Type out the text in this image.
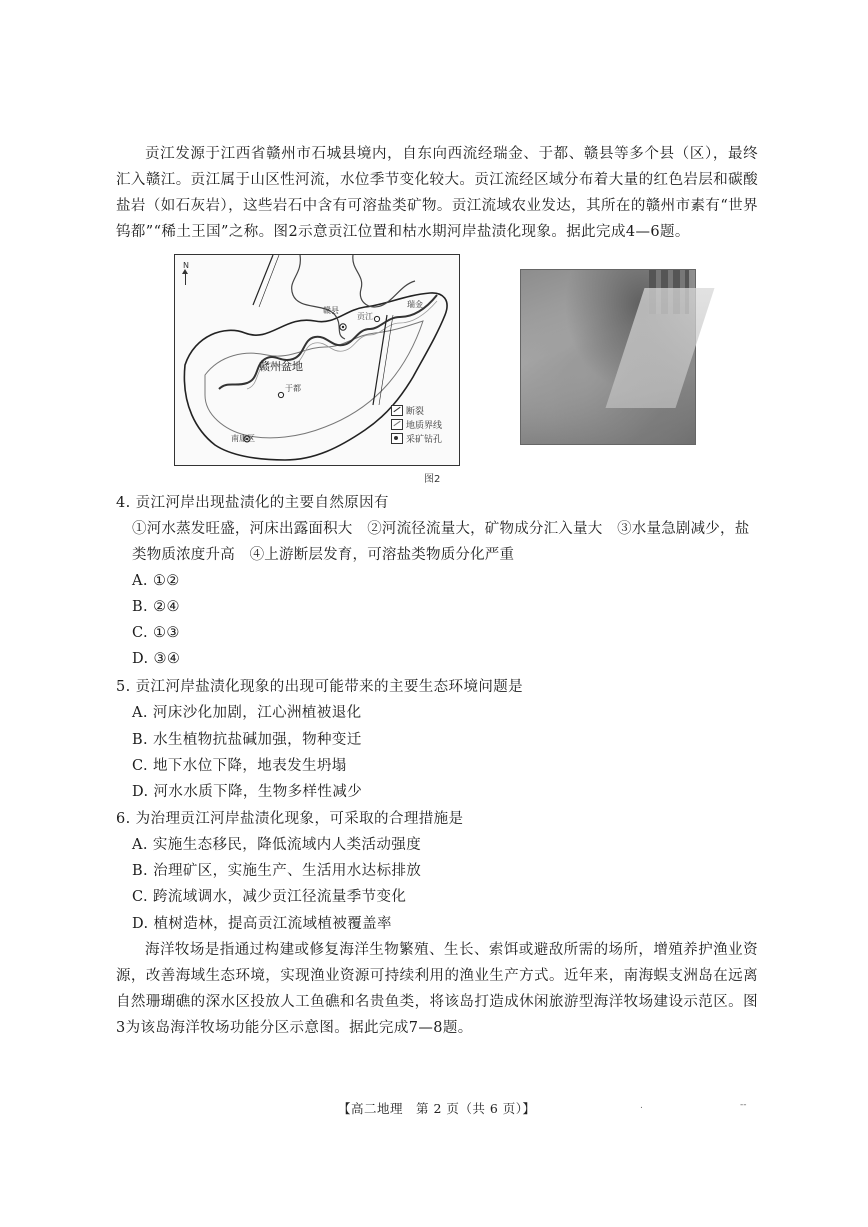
贡江发源于江西省赣州市石城县境内，自东向西流经瑞金、于都、赣县等多个县（区），最终汇入赣江。贡江属于山区性河流，水位季节变化较大。贡江流经区域分布着大量的红色岩层和碳酸盐岩（如石灰岩），这些岩石中含有可溶盐类矿物。贡江流域农业发达，其所在的赣州市素有“世界钨都”“稀土王国”之称。图2示意贡江位置和枯水期河岸盐渍化现象。据此完成4—6题。

N
赣州盆地
南康区
赣县
贡江
于都
瑞金
断裂
地质界线
采矿钻孔
图2
4. 贡江河岸出现盐渍化的主要自然原因有
①河水蒸发旺盛，河床出露面积大　②河流径流量大，矿物成分汇入量大　③水量急剧减少，盐类物质浓度升高　④上游断层发育，可溶盐类物质分化严重
A. ①②
B. ②④
C. ①③
D. ③④
5. 贡江河岸盐渍化现象的出现可能带来的主要生态环境问题是
A. 河床沙化加剧，江心洲植被退化
B. 水生植物抗盐碱加强，物种变迁
C. 地下水位下降，地表发生坍塌
D. 河水水质下降，生物多样性减少
6. 为治理贡江河岸盐渍化现象，可采取的合理措施是
A. 实施生态移民，降低流域内人类活动强度
B. 治理矿区，实施生产、生活用水达标排放
C. 跨流域调水，减少贡江径流量季节变化
D. 植树造林，提高贡江流域植被覆盖率

海洋牧场是指通过构建或修复海洋生物繁殖、生长、索饵或避敌所需的场所，增殖养护渔业资源，改善海域生态环境，实现渔业资源可持续利用的渔业生产方式。近年来，南海蜈支洲岛在远离自然珊瑚礁的深水区投放人工鱼礁和名贵鱼类，将该岛打造成休闲旅游型海洋牧场建设示范区。图3为该岛海洋牧场功能分区示意图。据此完成7—8题。

【高二地理　第 2 页（共 6 页）】	.	--
